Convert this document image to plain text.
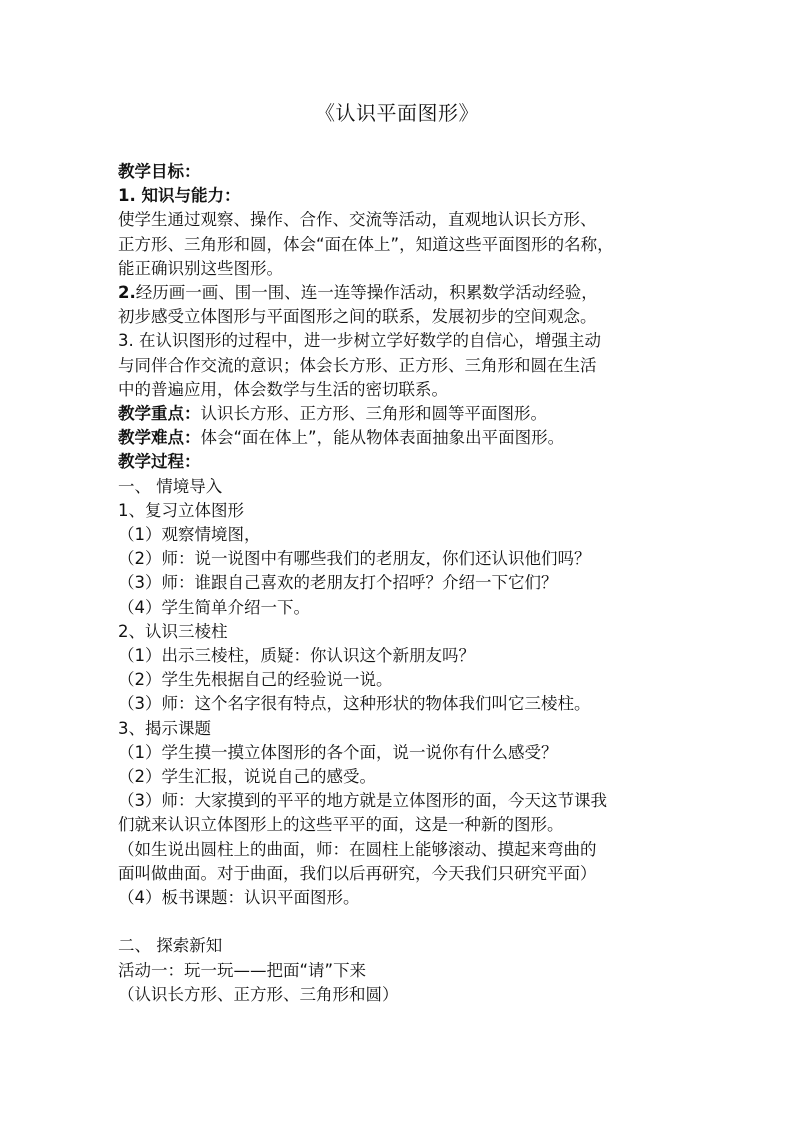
《认识平面图形》
教学目标：
1. 知识与能力：
使学生通过观察、操作、合作、交流等活动，直观地认识长方形、
正方形、三角形和圆，体会“面在体上”，知道这些平面图形的名称，
能正确识别这些图形。
2.经历画一画、围一围、连一连等操作活动，积累数学活动经验，
初步感受立体图形与平面图形之间的联系，发展初步的空间观念。
3. 在认识图形的过程中，进一步树立学好数学的自信心，增强主动
与同伴合作交流的意识；体会长方形、正方形、三角形和圆在生活
中的普遍应用，体会数学与生活的密切联系。
教学重点：认识长方形、正方形、三角形和圆等平面图形。
教学难点：体会“面在体上”，能从物体表面抽象出平面图形。
教学过程：
一、 情境导入
1、复习立体图形
（1）观察情境图，
（2）师：说一说图中有哪些我们的老朋友，你们还认识他们吗？
（3）师：谁跟自己喜欢的老朋友打个招呼？介绍一下它们？
（4）学生简单介绍一下。
2、认识三棱柱
（1）出示三棱柱，质疑：你认识这个新朋友吗？
（2）学生先根据自己的经验说一说。
（3）师：这个名字很有特点，这种形状的物体我们叫它三棱柱。
3、揭示课题
（1）学生摸一摸立体图形的各个面，说一说你有什么感受？
（2）学生汇报，说说自己的感受。
（3）师：大家摸到的平平的地方就是立体图形的面，今天这节课我
们就来认识立体图形上的这些平平的面，这是一种新的图形。
（如生说出圆柱上的曲面，师：在圆柱上能够滚动、摸起来弯曲的
面叫做曲面。对于曲面，我们以后再研究，今天我们只研究平面）
（4）板书课题：认识平面图形。
二、 探索新知
活动一：玩一玩——把面“请”下来
（认识长方形、正方形、三角形和圆）
